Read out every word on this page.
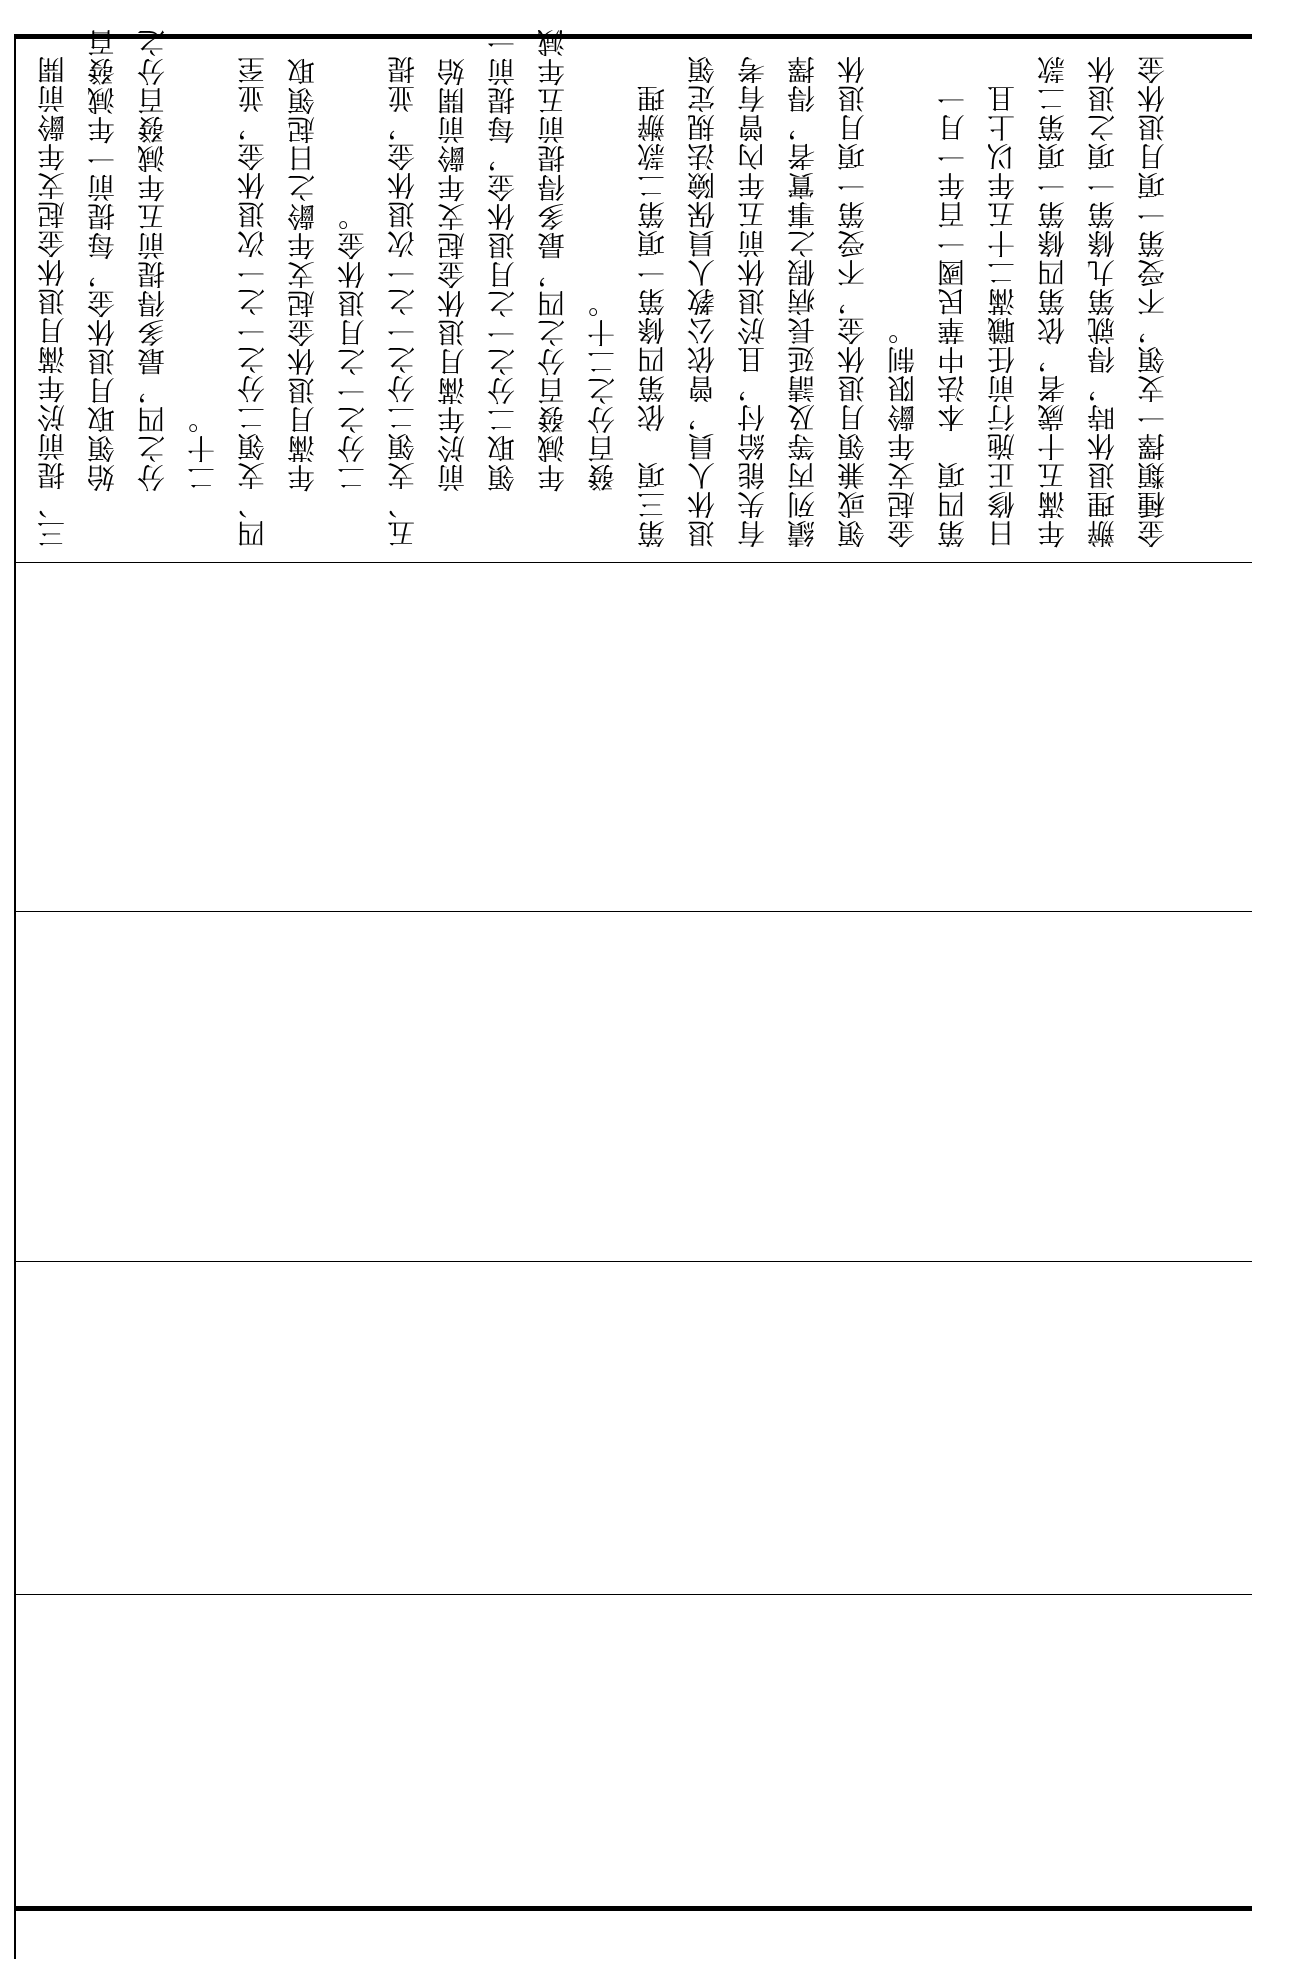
三、提前於年滿月退休金起支年齡前開 始領取月退休金，每提前一年減發百 分之四，最多得提前五年減發百分之 二十。 四、支領二分之一之一次退休金，並至 年滿月退休金起支年齡之日起領取 二分之一之月退休金。 五、支領二分之一之一次退休金，並提 前於年滿月退休金起支年齡前開始 領取二分之一之月退休金，每提前一 年減發百分之四，最多得提前五年減 發百分之二十。 第三項　依第四條第一項第二款辦理 退休人員，曾依公教人員保險法規定領 有失能給付，且於退休前五年內曾有考 績列丙等及請延長病假之事實者，得擇 領或兼領月退休金，不受第一項月退休 金起支年齡限制。 第四項　本法中華民國一百年一月一 日修正施行前任職滿二十五年以上且 年滿五十歲者，依第四條第一項第二款 辦理退休時，得就第九條第一項之退休 金種類擇一支領，不受第一項月退休金
